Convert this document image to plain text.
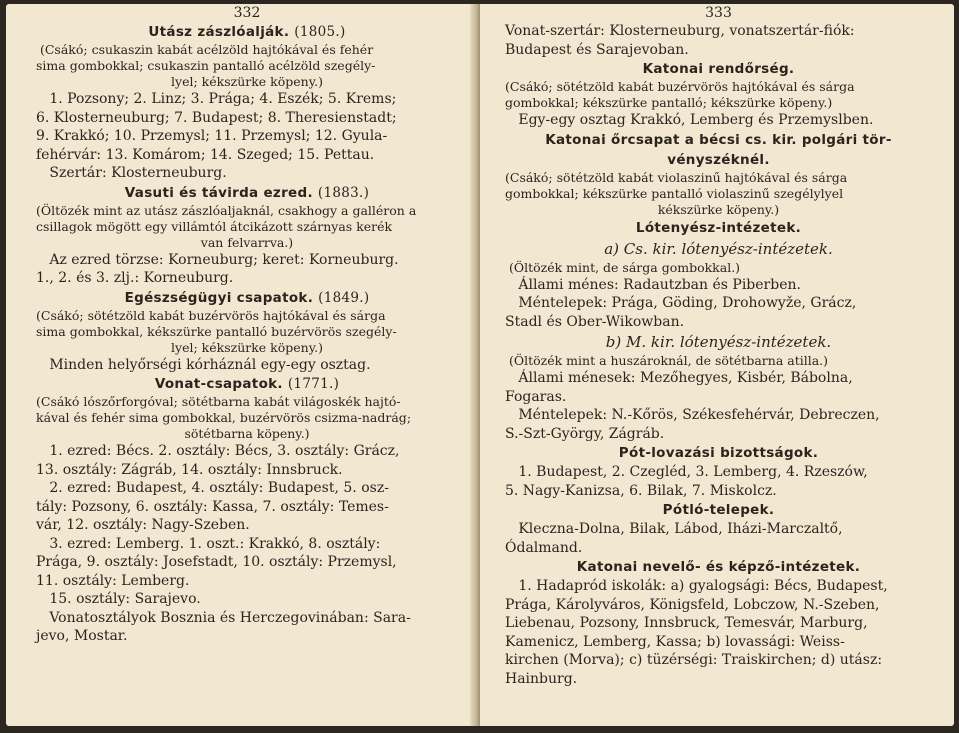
332
Utász zászlóalják. (1805.)
(Csákó; csukaszin kabát acélzöld hajtókával és fehér
sima gombokkal; csukaszin pantalló acélzöld szegély-
lyel; kékszürke köpeny.)
1. Pozsony; 2. Linz; 3. Prága; 4. Eszék; 5. Krems;
6. Klosterneuburg; 7. Budapest; 8. Theresienstadt;
9. Krakkó; 10. Przemysl; 11. Przemysl; 12. Gyula-
fehérvár: 13. Komárom; 14. Szeged; 15. Pettau.
Szertár: Klosterneuburg.
Vasuti és távirda ezred. (1883.)
(Öltözék mint az utász zászlóaljaknál, csakhogy a galléron a
csillagok mögött egy villámtól átcikázott szárnyas kerék
van felvarrva.)
Az ezred törzse: Korneuburg; keret: Korneuburg.
1., 2. és 3. zlj.: Korneuburg.
Egészségügyi csapatok. (1849.)
(Csákó; sötétzöld kabát buzérvörös hajtókával és sárga
sima gombokkal, kékszürke pantalló buzérvörös szegély-
lyel; kékszürke köpeny.)
Minden helyőrségi kórháznál egy-egy osztag.
Vonat-csapatok. (1771.)
(Csákó lószőrforgóval; sötétbarna kabát világoskék hajtó-
kával és fehér sima gombokkal, buzérvörös csizma-nadrág;
sötétbarna köpeny.)
1. ezred: Bécs. 2. osztály: Bécs, 3. osztály: Grácz,
13. osztály: Zágráb, 14. osztály: Innsbruck.
2. ezred: Budapest, 4. osztály: Budapest, 5. osz-
tály: Pozsony, 6. osztály: Kassa, 7. osztály: Temes-
vár, 12. osztály: Nagy-Szeben.
3. ezred: Lemberg. 1. oszt.: Krakkó, 8. osztály:
Prága, 9. osztály: Josefstadt, 10. osztály: Przemysl,
11. osztály: Lemberg.
15. osztály: Sarajevo.
Vonatosztályok Bosznia és Herczegovinában: Sara-
jevo, Mostar.
333
Vonat-szertár: Klosterneuburg, vonatszertár-fiók:
Budapest és Sarajevoban.
Katonai rendőrség.
(Csákó; sötétzöld kabát buzérvörös hajtókával és sárga
gombokkal; kékszürke pantalló; kékszürke köpeny.)
Egy-egy osztag Krakkó, Lemberg és Przemyslben.
Katonai őrcsapat a bécsi cs. kir. polgári tör-
vényszéknél.
(Csákó; sötétzöld kabát violaszinű hajtókával és sárga
gombokkal; kékszürke pantalló violaszinű szegélylyel
kékszürke köpeny.)
Lótenyész-intézetek.
a) Cs. kir. lótenyész-intézetek.
(Öltözék mint, de sárga gombokkal.)
Állami ménes: Radautzban és Piberben.
Méntelepek: Prága, Göding, Drohowyže, Grácz,
Stadl és Ober-Wikowban.
b) M. kir. lótenyész-intézetek.
(Öltözék mint a huszároknál, de sötétbarna atilla.)
Állami ménesek: Mezőhegyes, Kisbér, Bábolna,
Fogaras.
Méntelepek: N.-Kőrös, Székesfehérvár, Debreczen,
S.-Szt-György, Zágráb.
Pót-lovazási bizottságok.
1. Budapest, 2. Czegléd, 3. Lemberg, 4. Rzeszów,
5. Nagy-Kanizsa, 6. Bilak, 7. Miskolcz.
Pótló-telepek.
Kleczna-Dolna, Bilak, Lábod, Iházi-Marczaltő,
Ódalmand.
Katonai nevelő- és képző-intézetek.
1. Hadapród iskolák: a) gyalogsági: Bécs, Budapest,
Prága, Károlyváros, Königsfeld, Lobczow, N.-Szeben,
Liebenau, Pozsony, Innsbruck, Temesvár, Marburg,
Kamenicz, Lemberg, Kassa; b) lovassági: Weiss-
kirchen (Morva); c) tüzérségi: Traiskirchen; d) utász:
Hainburg.
